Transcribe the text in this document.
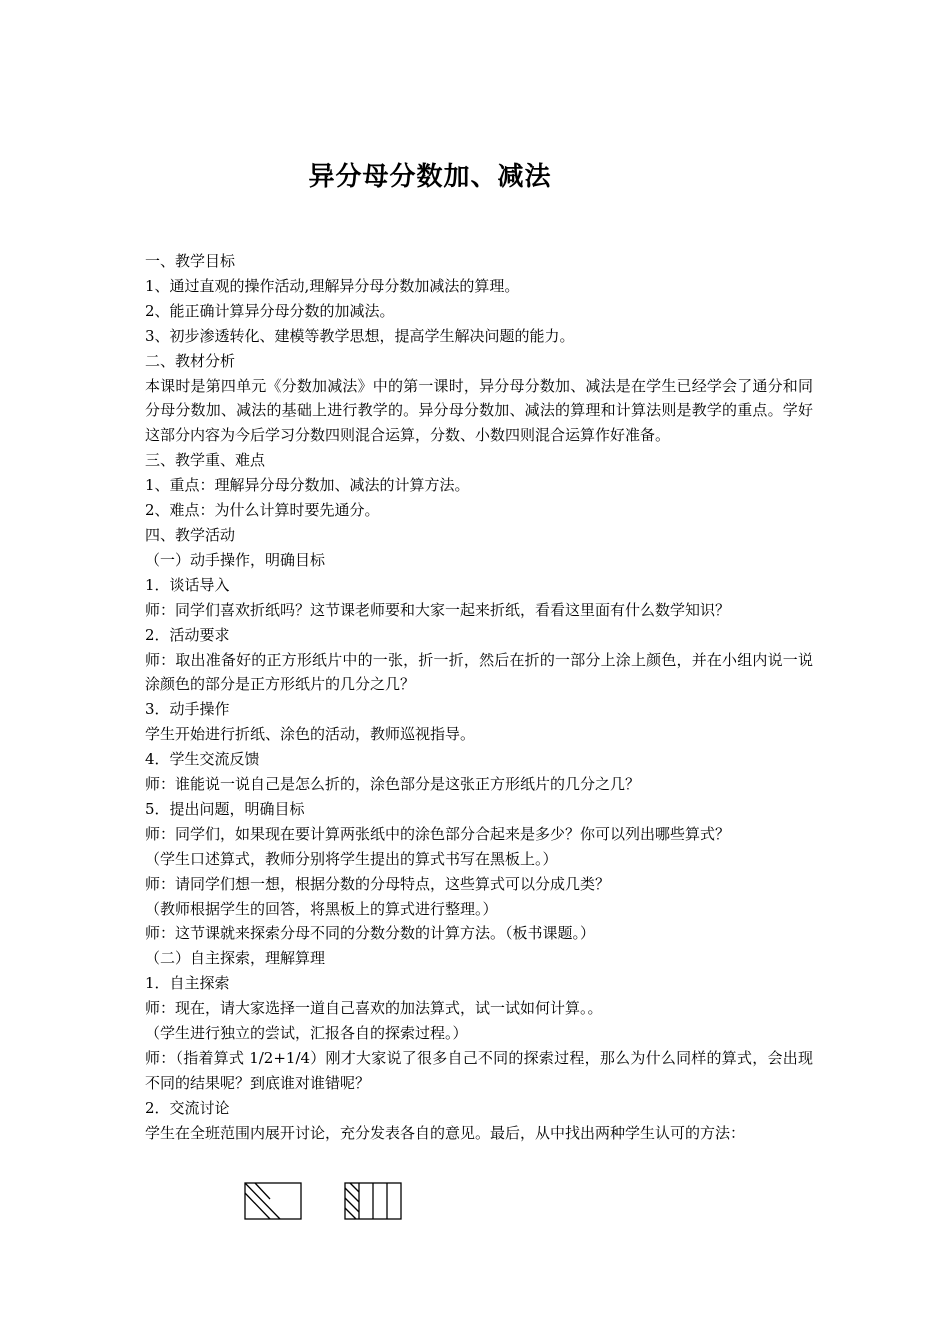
异分母分数加、减法

一、教学目标

1、通过直观的操作活动,理解异分母分数加减法的算理。

2、能正确计算异分母分数的加减法。

3、初步渗透转化、建模等教学思想，提高学生解决问题的能力。

二、教材分析

本课时是第四单元《分数加减法》中的第一课时，异分母分数加、减法是在学生已经学会了通分和同分母分数加、减法的基础上进行教学的。异分母分数加、减法的算理和计算法则是教学的重点。学好这部分内容为今后学习分数四则混合运算，分数、小数四则混合运算作好准备。

三、教学重、难点

1、重点：理解异分母分数加、减法的计算方法。

2、难点：为什么计算时要先通分。

四、教学活动

（一）动手操作，明确目标

1．谈话导入

师：同学们喜欢折纸吗？这节课老师要和大家一起来折纸，看看这里面有什么数学知识？

2．活动要求

师：取出准备好的正方形纸片中的一张，折一折，然后在折的一部分上涂上颜色，并在小组内说一说涂颜色的部分是正方形纸片的几分之几？

3．动手操作

学生开始进行折纸、涂色的活动，教师巡视指导。

4．学生交流反馈

师：谁能说一说自己是怎么折的，涂色部分是这张正方形纸片的几分之几？

5．提出问题，明确目标

师：同学们，如果现在要计算两张纸中的涂色部分合起来是多少？你可以列出哪些算式？

（学生口述算式，教师分别将学生提出的算式书写在黑板上。）

师：请同学们想一想，根据分数的分母特点，这些算式可以分成几类？

（教师根据学生的回答，将黑板上的算式进行整理。）

师：这节课就来探索分母不同的分数分数的计算方法。（板书课题。）

（二）自主探索，理解算理

1．自主探索

师：现在，请大家选择一道自己喜欢的加法算式，试一试如何计算。。

（学生进行独立的尝试，汇报各自的探索过程。）

师：（指着算式 1/2+1/4）刚才大家说了很多自己不同的探索过程，那么为什么同样的算式，会出现不同的结果呢？到底谁对谁错呢？

2．交流讨论

学生在全班范围内展开讨论，充分发表各自的意见。最后，从中找出两种学生认可的方法：
